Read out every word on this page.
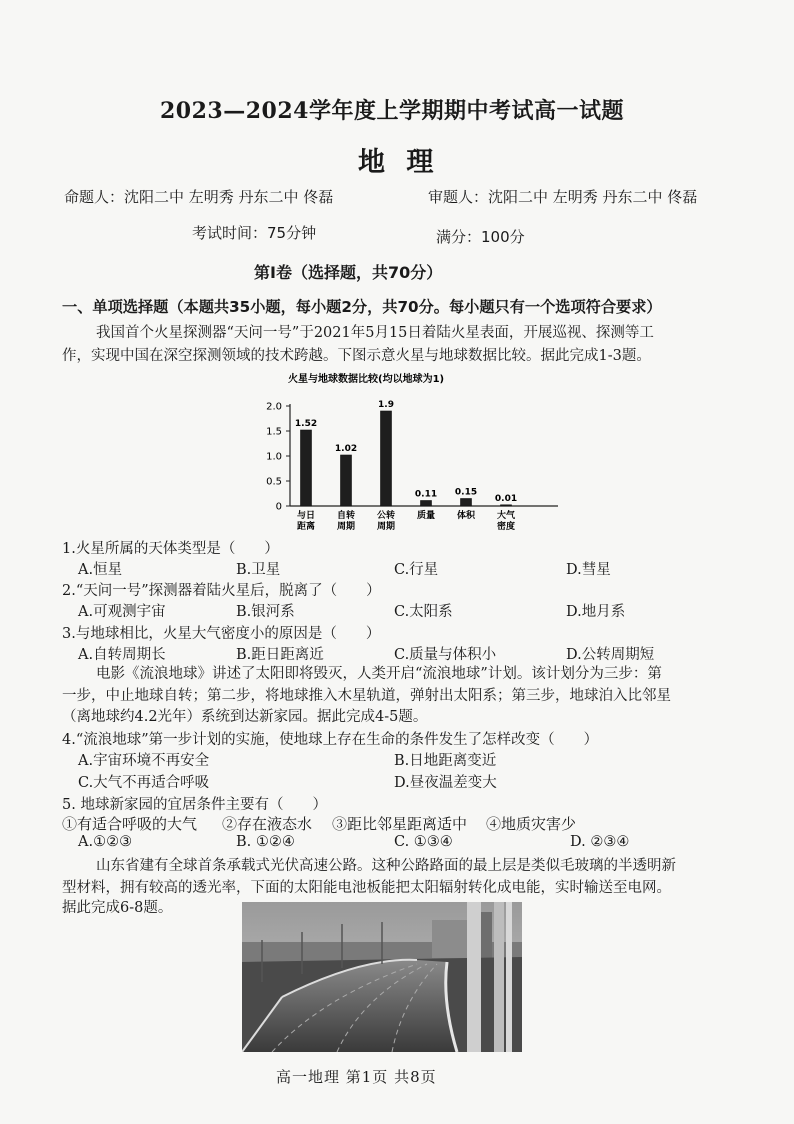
2023—2024学年度上学期期中考试高一试题
地 理
命题人：沈阳二中 左明秀 丹东二中 佟磊	审题人：沈阳二中 左明秀 丹东二中 佟磊
考试时间：75分钟	满分：100分
第Ⅰ卷（选择题，共70分）
一、单项选择题（本题共35小题，每小题2分，共70分。每小题只有一个选项符合要求）
我国首个火星探测器“天问一号”于2021年5月15日着陆火星表面，开展巡视、探测等工
作，实现中国在深空探测领域的技术跨越。下图示意火星与地球数据比较。据此完成1-3题。
火星与地球数据比较(均以地球为1)
2.0
1.5
1.0
0.5
0
1.52
与日
距离
1.02
自转
周期
1.9
公转
周期
0.11
质量
0.15
体积
0.01
大气
密度
1.火星所属的天体类型是（　　）
A.恒星	B.卫星	C.行星	D.彗星
2.“天问一号”探测器着陆火星后，脱离了（　　）
A.可观测宇宙	B.银河系	C.太阳系	D.地月系
3.与地球相比，火星大气密度小的原因是（　　）
A.自转周期长	B.距日距离近	C.质量与体积小	D.公转周期短
电影《流浪地球》讲述了太阳即将毁灭，人类开启“流浪地球”计划。该计划分为三步：第
一步，中止地球自转；第二步，将地球推入木星轨道，弹射出太阳系；第三步，地球泊入比邻星
（离地球约4.2光年）系统到达新家园。据此完成4-5题。
4.“流浪地球”第一步计划的实施，使地球上存在生命的条件发生了怎样改变（　　）
A.宇宙环境不再安全	B.日地距离变近
C.大气不再适合呼吸	D.昼夜温差变大
5. 地球新家园的宜居条件主要有（　　）
①有适合呼吸的大气 ②存在液态水 ③距比邻星距离适中 ④地质灾害少
A.①②③	B. ①②④	C. ①③④	D. ②③④
山东省建有全球首条承载式光伏高速公路。这种公路路面的最上层是类似毛玻璃的半透明新
型材料，拥有较高的透光率，下面的太阳能电池板能把太阳辐射转化成电能，实时输送至电网。
据此完成6-8题。
高一地理 第1页 共8页
